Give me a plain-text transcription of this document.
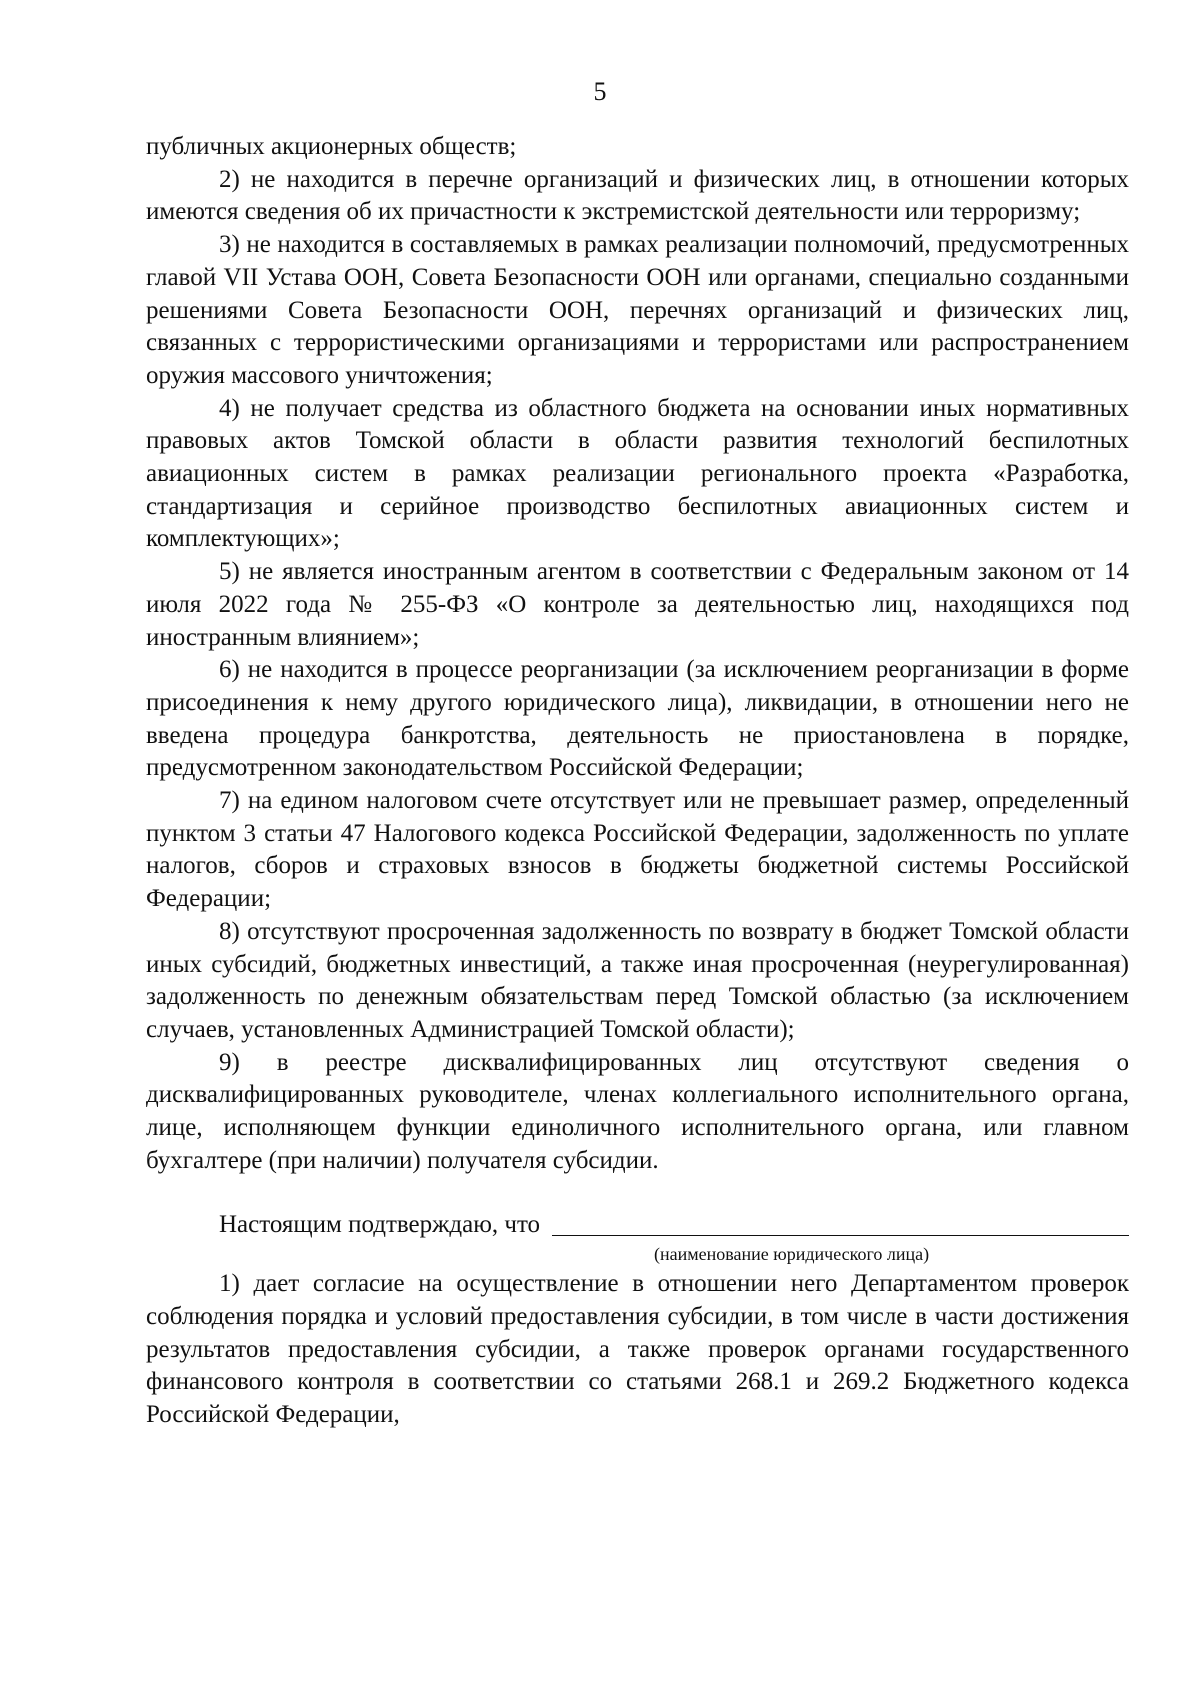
5

публичных акционерных обществ;

2) не находится в перечне организаций и физических лиц, в отношении которых имеются сведения об их причастности к экстремистской деятельности или терроризму;

3) не находится в составляемых в рамках реализации полномочий, предусмотренных главой VII Устава ООН, Совета Безопасности ООН или органами, специально созданными решениями Совета Безопасности ООН, перечнях организаций и физических лиц, связанных с террористическими организациями и террористами или распространением оружия массового уничтожения;

4) не получает средства из областного бюджета на основании иных нормативных правовых актов Томской области в области развития технологий беспилотных авиационных систем в рамках реализации регионального проекта «Разработка, стандартизация и серийное производство беспилотных авиационных систем и комплектующих»;

5) не является иностранным агентом в соответствии с Федеральным законом от 14 июля 2022 года № 255-ФЗ «О контроле за деятельностью лиц, находящихся под иностранным влиянием»;

6) не находится в процессе реорганизации (за исключением реорганизации в форме присоединения к нему другого юридического лица), ликвидации, в отношении него не введена процедура банкротства, деятельность не приостановлена в порядке, предусмотренном законодательством Российской Федерации;

7) на едином налоговом счете отсутствует или не превышает размер, определенный пунктом 3 статьи 47 Налогового кодекса Российской Федерации, задолженность по уплате налогов, сборов и страховых взносов в бюджеты бюджетной системы Российской Федерации;

8) отсутствуют просроченная задолженность по возврату в бюджет Томской области иных субсидий, бюджетных инвестиций, а также иная просроченная (неурегулированная) задолженность по денежным обязательствам перед Томской областью (за исключением случаев, установленных Администрацией Томской области);

9) в реестре дисквалифицированных лиц отсутствуют сведения о дисквалифицированных руководителе, членах коллегиального исполнительного органа, лице, исполняющем функции единоличного исполнительного органа, или главном бухгалтере (при наличии) получателя субсидии.

Настоящим подтверждаю, что
(наименование юридического лица)

1) дает согласие на осуществление в отношении него Департаментом проверок соблюдения порядка и условий предоставления субсидии, в том числе в части достижения результатов предоставления субсидии, а также проверок органами государственного финансового контроля в соответствии со статьями 268.1 и 269.2 Бюджетного кодекса Российской Федерации,
